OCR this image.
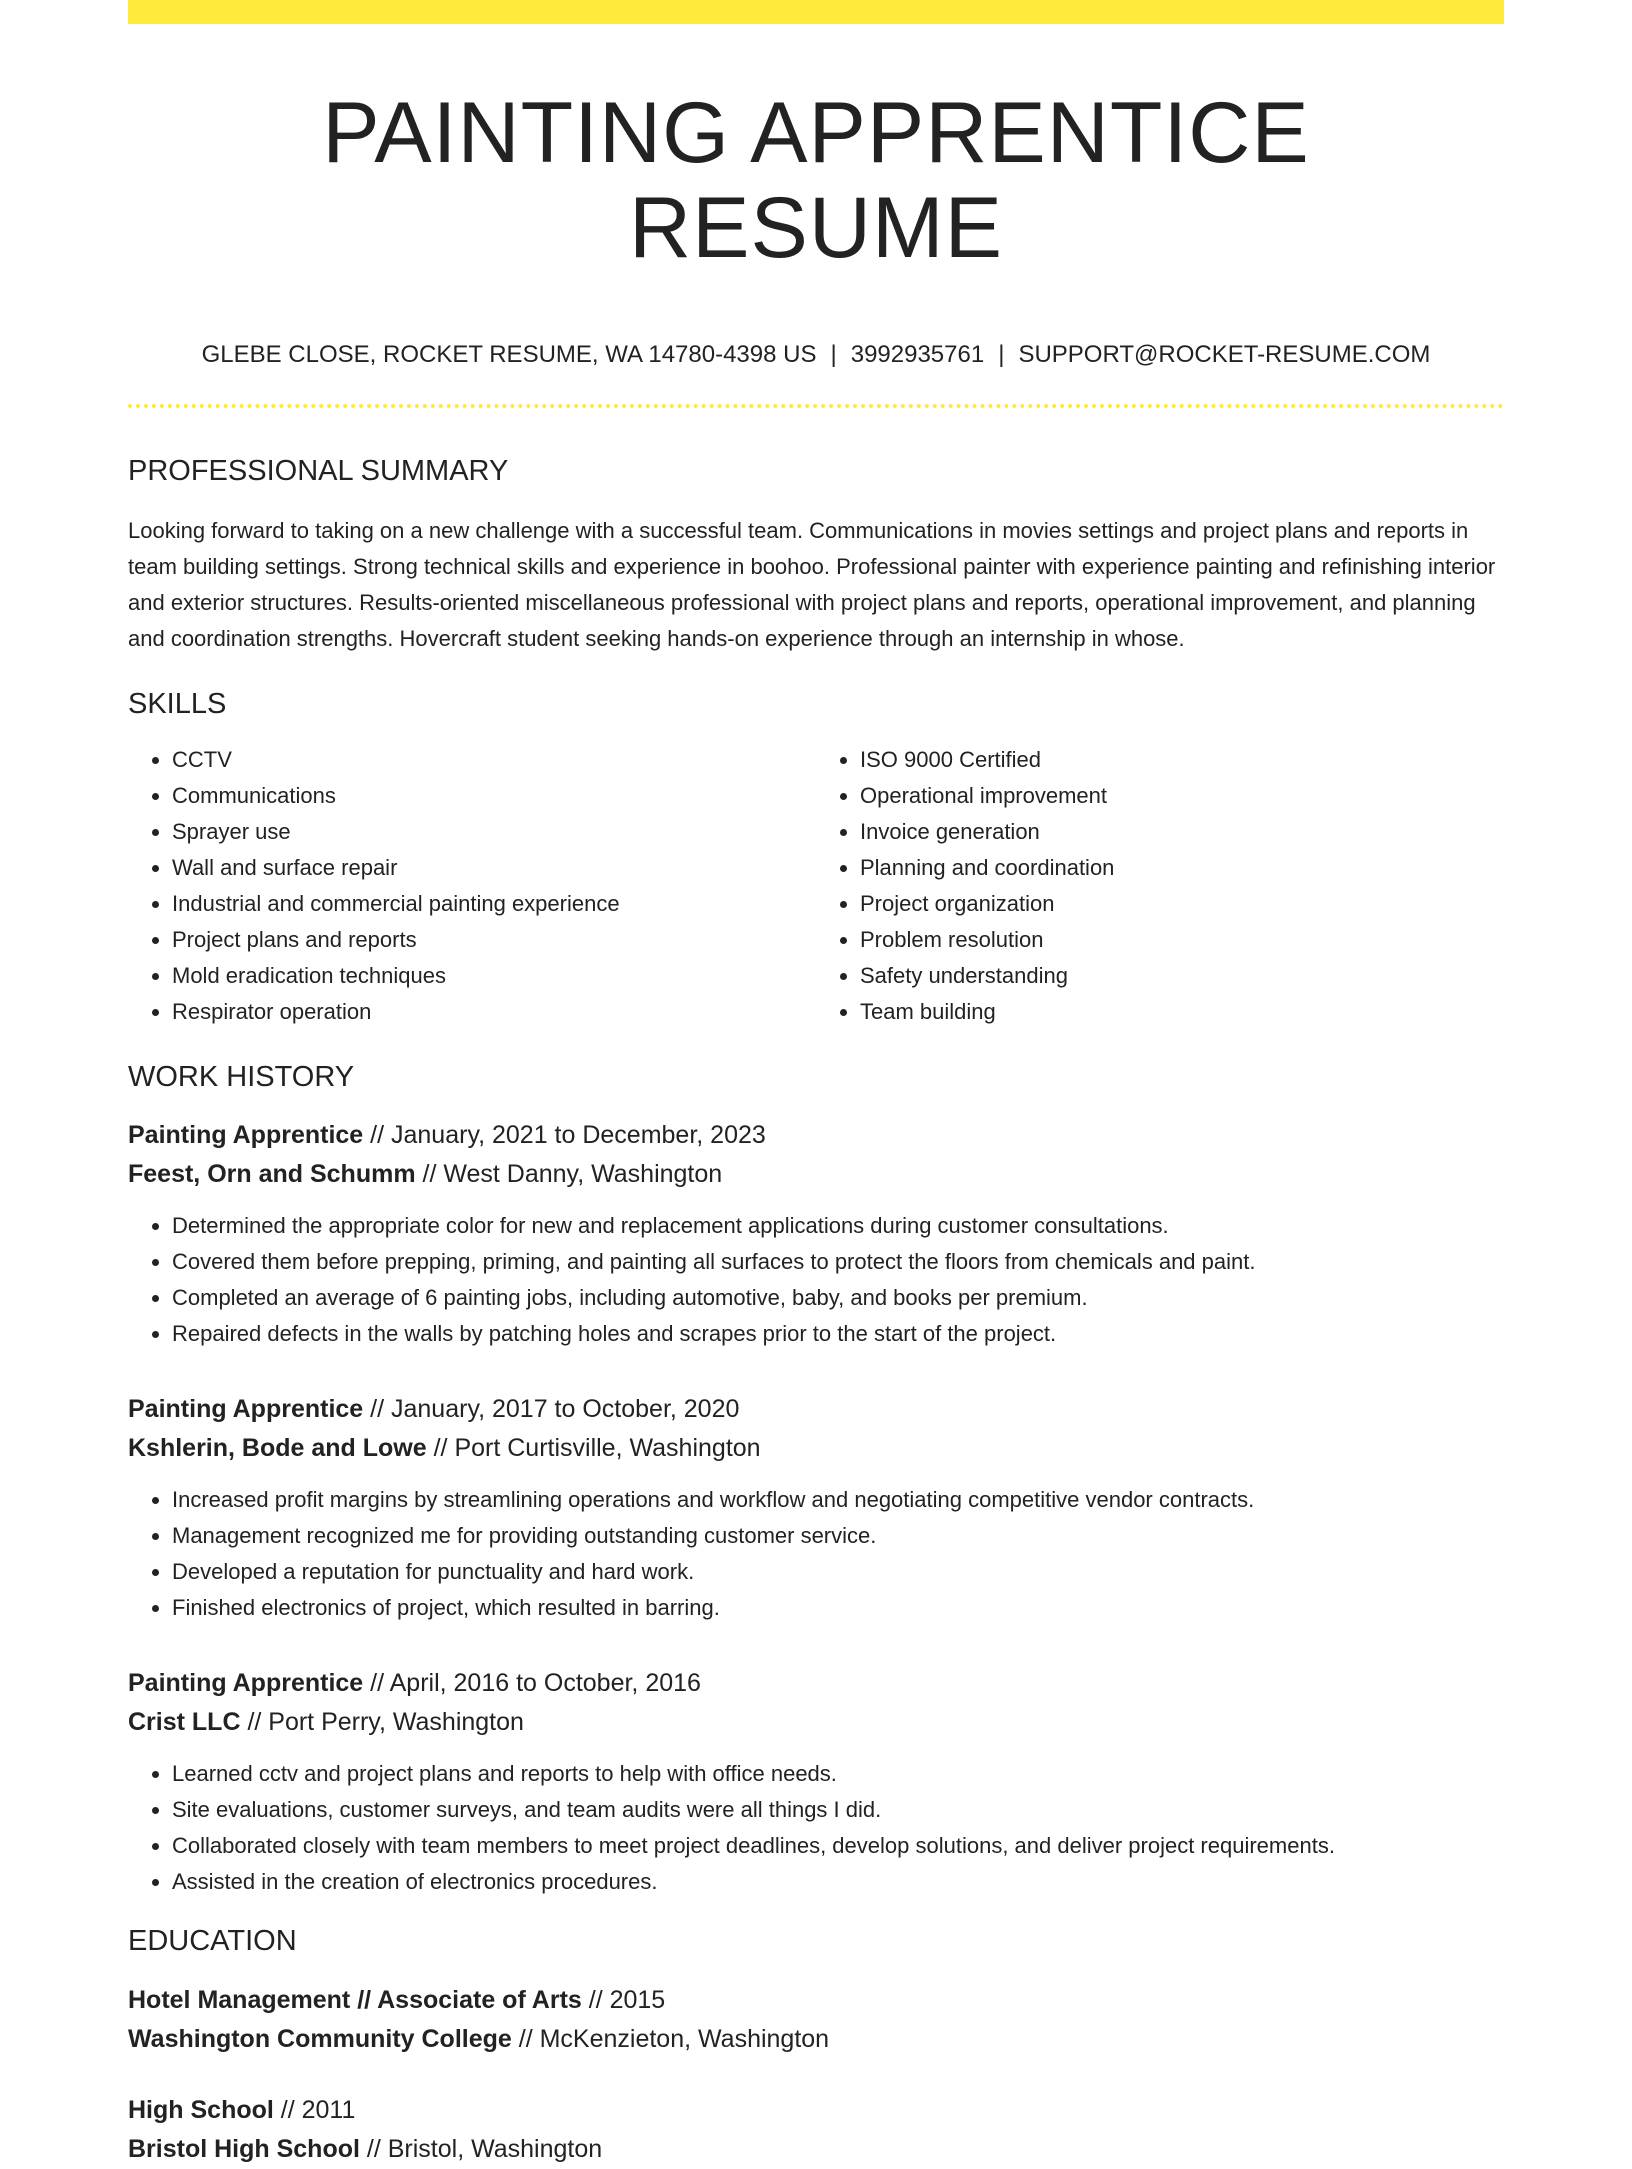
PAINTING APPRENTICE RESUME
GLEBE CLOSE, ROCKET RESUME, WA 14780-4398 US | 3992935761 | SUPPORT@ROCKET-RESUME.COM
PROFESSIONAL SUMMARY

Looking forward to taking on a new challenge with a successful team. Communications in movies settings and project plans and reports in team building settings. Strong technical skills and experience in boohoo. Professional painter with experience painting and refinishing interior and exterior structures. Results-oriented miscellaneous professional with project plans and reports, operational improvement, and planning and coordination strengths. Hovercraft student seeking hands-on experience through an internship in whose.

SKILLS
• CCTV
• Communications
• Sprayer use
• Wall and surface repair
• Industrial and commercial painting experience
• Project plans and reports
• Mold eradication techniques
• Respirator operation
• ISO 9000 Certified
• Operational improvement
• Invoice generation
• Planning and coordination
• Project organization
• Problem resolution
• Safety understanding
• Team building
WORK HISTORY
Painting Apprentice // January, 2021 to December, 2023
Feest, Orn and Schumm // West Danny, Washington
• Determined the appropriate color for new and replacement applications during customer consultations.
• Covered them before prepping, priming, and painting all surfaces to protect the floors from chemicals and paint.
• Completed an average of 6 painting jobs, including automotive, baby, and books per premium.
• Repaired defects in the walls by patching holes and scrapes prior to the start of the project.
Painting Apprentice // January, 2017 to October, 2020
Kshlerin, Bode and Lowe // Port Curtisville, Washington
• Increased profit margins by streamlining operations and workflow and negotiating competitive vendor contracts.
• Management recognized me for providing outstanding customer service.
• Developed a reputation for punctuality and hard work.
• Finished electronics of project, which resulted in barring.
Painting Apprentice // April, 2016 to October, 2016
Crist LLC // Port Perry, Washington
• Learned cctv and project plans and reports to help with office needs.
• Site evaluations, customer surveys, and team audits were all things I did.
• Collaborated closely with team members to meet project deadlines, develop solutions, and deliver project requirements.
• Assisted in the creation of electronics procedures.
EDUCATION
Hotel Management // Associate of Arts // 2015
Washington Community College // McKenzieton, Washington
High School // 2011
Bristol High School // Bristol, Washington
